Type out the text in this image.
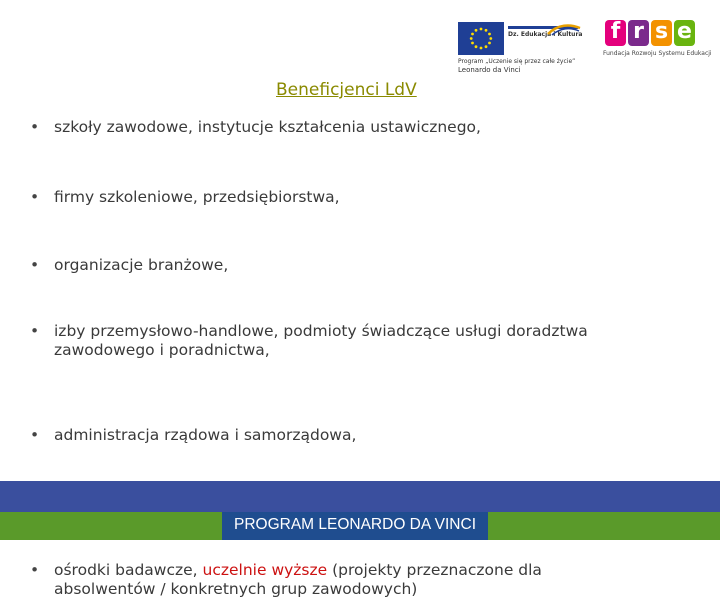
Dz. Edukacja i Kultura
Program „Uczenie się przez całe życie”
Leonardo da Vinci
f r s e
Fundacja Rozwoju Systemu Edukacji
Beneficjenci LdV
• szkoły zawodowe, instytucje kształcenia ustawicznego,
• firmy szkoleniowe, przedsiębiorstwa,
• organizacje branżowe,
• izby przemysłowo-handlowe, podmioty świadczące usługi doradztwa
zawodowego i poradnictwa,
• administracja rządowa i samorządowa,
• ośrodki badawcze, uczelnie wyższe (projekty przeznaczone dla
absolwentów / konkretnych grup zawodowych)
PROGRAM LEONARDO DA VINCI
